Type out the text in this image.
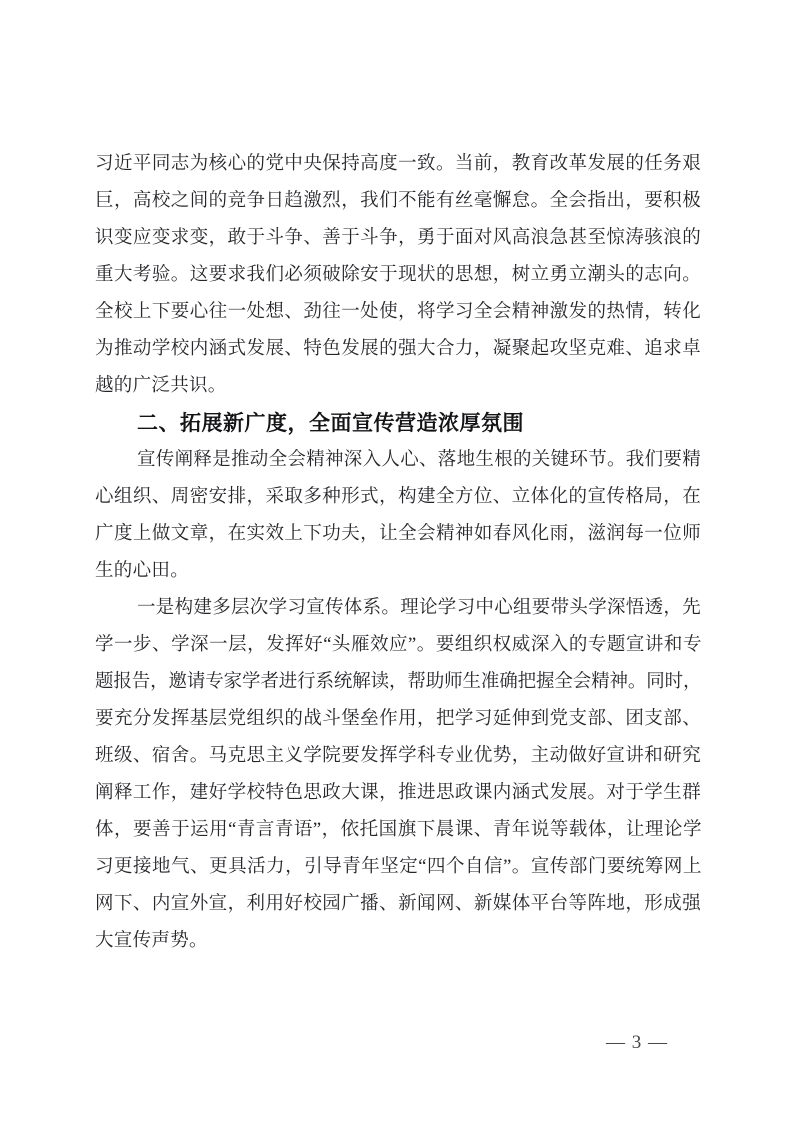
习近平同志为核心的党中央保持高度一致。当前，教育改革发展的任务艰
巨，高校之间的竞争日趋激烈，我们不能有丝毫懈怠。全会指出，要积极
识变应变求变，敢于斗争、善于斗争，勇于面对风高浪急甚至惊涛骇浪的
重大考验。这要求我们必须破除安于现状的思想，树立勇立潮头的志向。
全校上下要心往一处想、劲往一处使，将学习全会精神激发的热情，转化
为推动学校内涵式发展、特色发展的强大合力，凝聚起攻坚克难、追求卓
越的广泛共识。
二、拓展新广度，全面宣传营造浓厚氛围
宣传阐释是推动全会精神深入人心、落地生根的关键环节。我们要精
心组织、周密安排，采取多种形式，构建全方位、立体化的宣传格局，在
广度上做文章，在实效上下功夫，让全会精神如春风化雨，滋润每一位师
生的心田。
一是构建多层次学习宣传体系。理论学习中心组要带头学深悟透，先
学一步、学深一层，发挥好“头雁效应”。要组织权威深入的专题宣讲和专
题报告，邀请专家学者进行系统解读，帮助师生准确把握全会精神。同时，
要充分发挥基层党组织的战斗堡垒作用，把学习延伸到党支部、团支部、
班级、宿舍。马克思主义学院要发挥学科专业优势，主动做好宣讲和研究
阐释工作，建好学校特色思政大课，推进思政课内涵式发展。对于学生群
体，要善于运用“青言青语”，依托国旗下晨课、青年说等载体，让理论学
习更接地气、更具活力，引导青年坚定“四个自信”。宣传部门要统筹网上
网下、内宣外宣，利用好校园广播、新闻网、新媒体平台等阵地，形成强
大宣传声势。
— 3 —
